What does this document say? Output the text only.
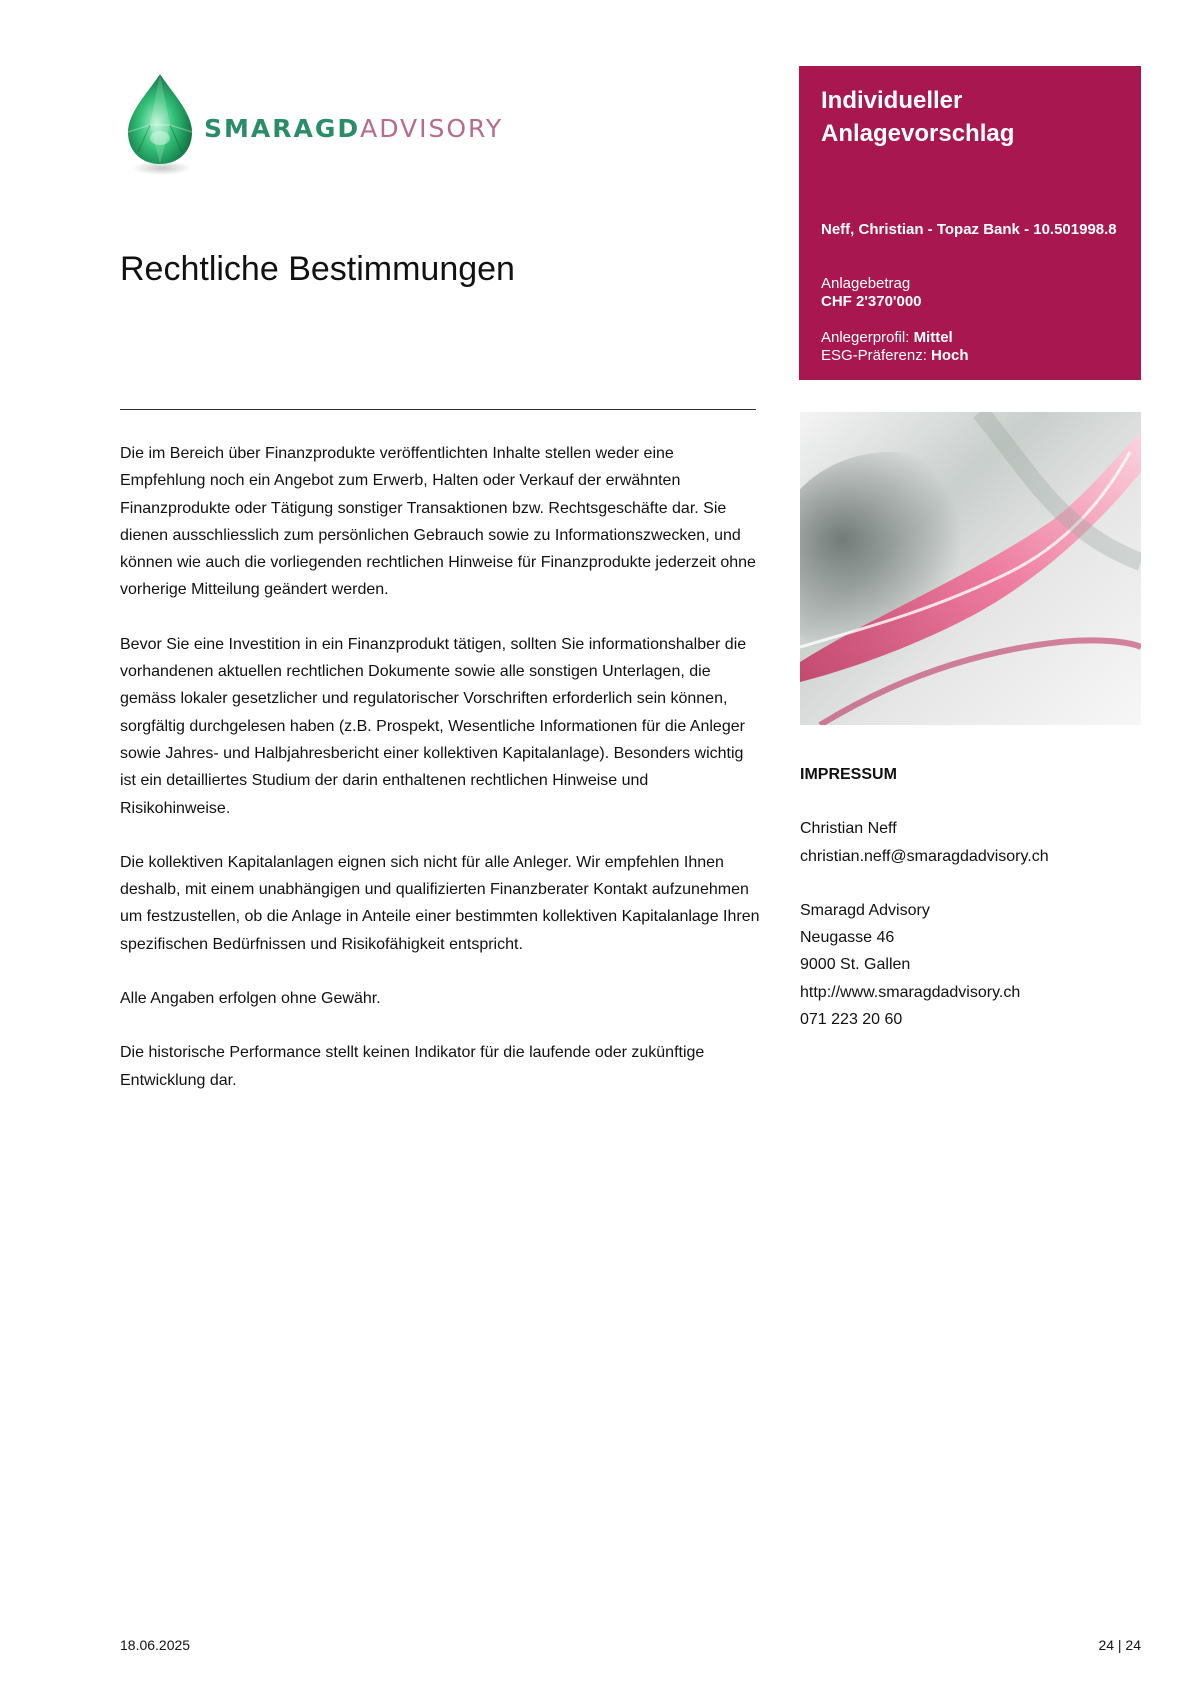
SMARAGDADVISORY
Rechtliche Bestimmungen

Die im Bereich über Finanzprodukte veröffentlichten Inhalte stellen weder eine Empfehlung noch ein Angebot zum Erwerb, Halten oder Verkauf der erwähnten Finanzprodukte oder Tätigung sonstiger Transaktionen bzw. Rechtsgeschäfte dar. Sie dienen ausschliesslich zum persönlichen Gebrauch sowie zu Informationszwecken, und können wie auch die vorliegenden rechtlichen Hinweise für Finanzprodukte jederzeit ohne vorherige Mitteilung geändert werden.

Bevor Sie eine Investition in ein Finanzprodukt tätigen, sollten Sie informationshalber die vorhandenen aktuellen rechtlichen Dokumente sowie alle sonstigen Unterlagen, die gemäss lokaler gesetzlicher und regulatorischer Vorschriften erforderlich sein können, sorgfältig durchgelesen haben (z.B. Prospekt, Wesentliche Informationen für die Anleger sowie Jahres- und Halbjahresbericht einer kollektiven Kapitalanlage). Besonders wichtig ist ein detailliertes Studium der darin enthaltenen rechtlichen Hinweise und Risikohinweise.

Die kollektiven Kapitalanlagen eignen sich nicht für alle Anleger. Wir empfehlen Ihnen deshalb, mit einem unabhängigen und qualifizierten Finanzberater Kontakt aufzunehmen um festzustellen, ob die Anlage in Anteile einer bestimmten kollektiven Kapitalanlage Ihren spezifischen Bedürfnissen und Risikofähigkeit entspricht.

Alle Angaben erfolgen ohne Gewähr.

Die historische Performance stellt keinen Indikator für die laufende oder zukünftige Entwicklung dar.

Individueller
Anlagevorschlag
Neff, Christian - Topaz Bank - 10.501998.8
Anlagebetrag
CHF 2'370'000
Anlegerprofil: Mittel
ESG-Präferenz: Hoch
IMPRESSUM
Christian Neff
christian.neff@smaragdadvisory.ch
Smaragd Advisory
Neugasse 46
9000 St. Gallen
http://www.smaragdadvisory.ch
071 223 20 60
18.06.2025	24 | 24
